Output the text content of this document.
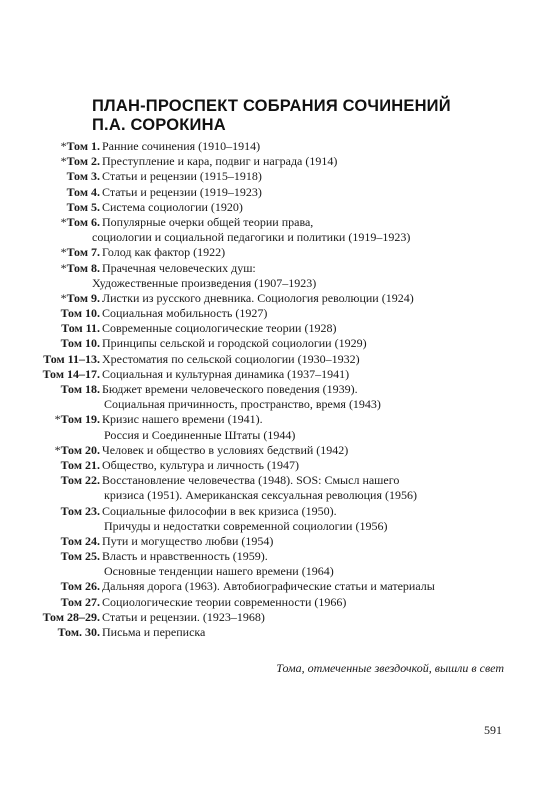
ПЛАН-ПРОСПЕКТ СОБРАНИЯ СОЧИНЕНИЙ
П.А. СОРОКИНА
*Том 1. Ранние сочинения (1910–1914)
*Том 2. Преступление и кара, подвиг и награда (1914)
Том 3. Статьи и рецензии (1915–1918)
Том 4. Статьи и рецензии (1919–1923)
Том 5. Система социологии (1920)
*Том 6. Популярные очерки общей теории права,
социологии и социальной педагогики и политики (1919–1923)
*Том 7. Голод как фактор (1922)
*Том 8. Прачечная человеческих душ:
Художественные произведения (1907–1923)
*Том 9. Листки из русского дневника. Социология революции (1924)
Том 10. Социальная мобильность (1927)
Том 11. Современные социологические теории (1928)
Том 10. Принципы сельской и городской социологии (1929)
Том 11–13. Хрестоматия по сельской социологии (1930–1932)
Том 14–17. Социальная и культурная динамика (1937–1941)
Том 18. Бюджет времени человеческого поведения (1939).
Социальная причинность, пространство, время (1943)
*Том 19. Кризис нашего времени (1941).
Россия и Соединенные Штаты (1944)
*Том 20. Человек и общество в условиях бедствий (1942)
Том 21. Общество, культура и личность (1947)
Том 22. Восстановление человечества (1948). SOS: Смысл нашего
кризиса (1951). Американская сексуальная революция (1956)
Том 23. Социальные философии в век кризиса (1950).
Причуды и недостатки современной социологии (1956)
Том 24. Пути и могущество любви (1954)
Том 25. Власть и нравственность (1959).
Основные тенденции нашего времени (1964)
Том 26. Дальняя дорога (1963). Автобиографические статьи и материалы
Том 27. Социологические теории современности (1966)
Том 28–29. Статьи и рецензии. (1923–1968)
Том. 30. Письма и переписка

Тома, отмеченные звездочкой, вышли в свет

591
